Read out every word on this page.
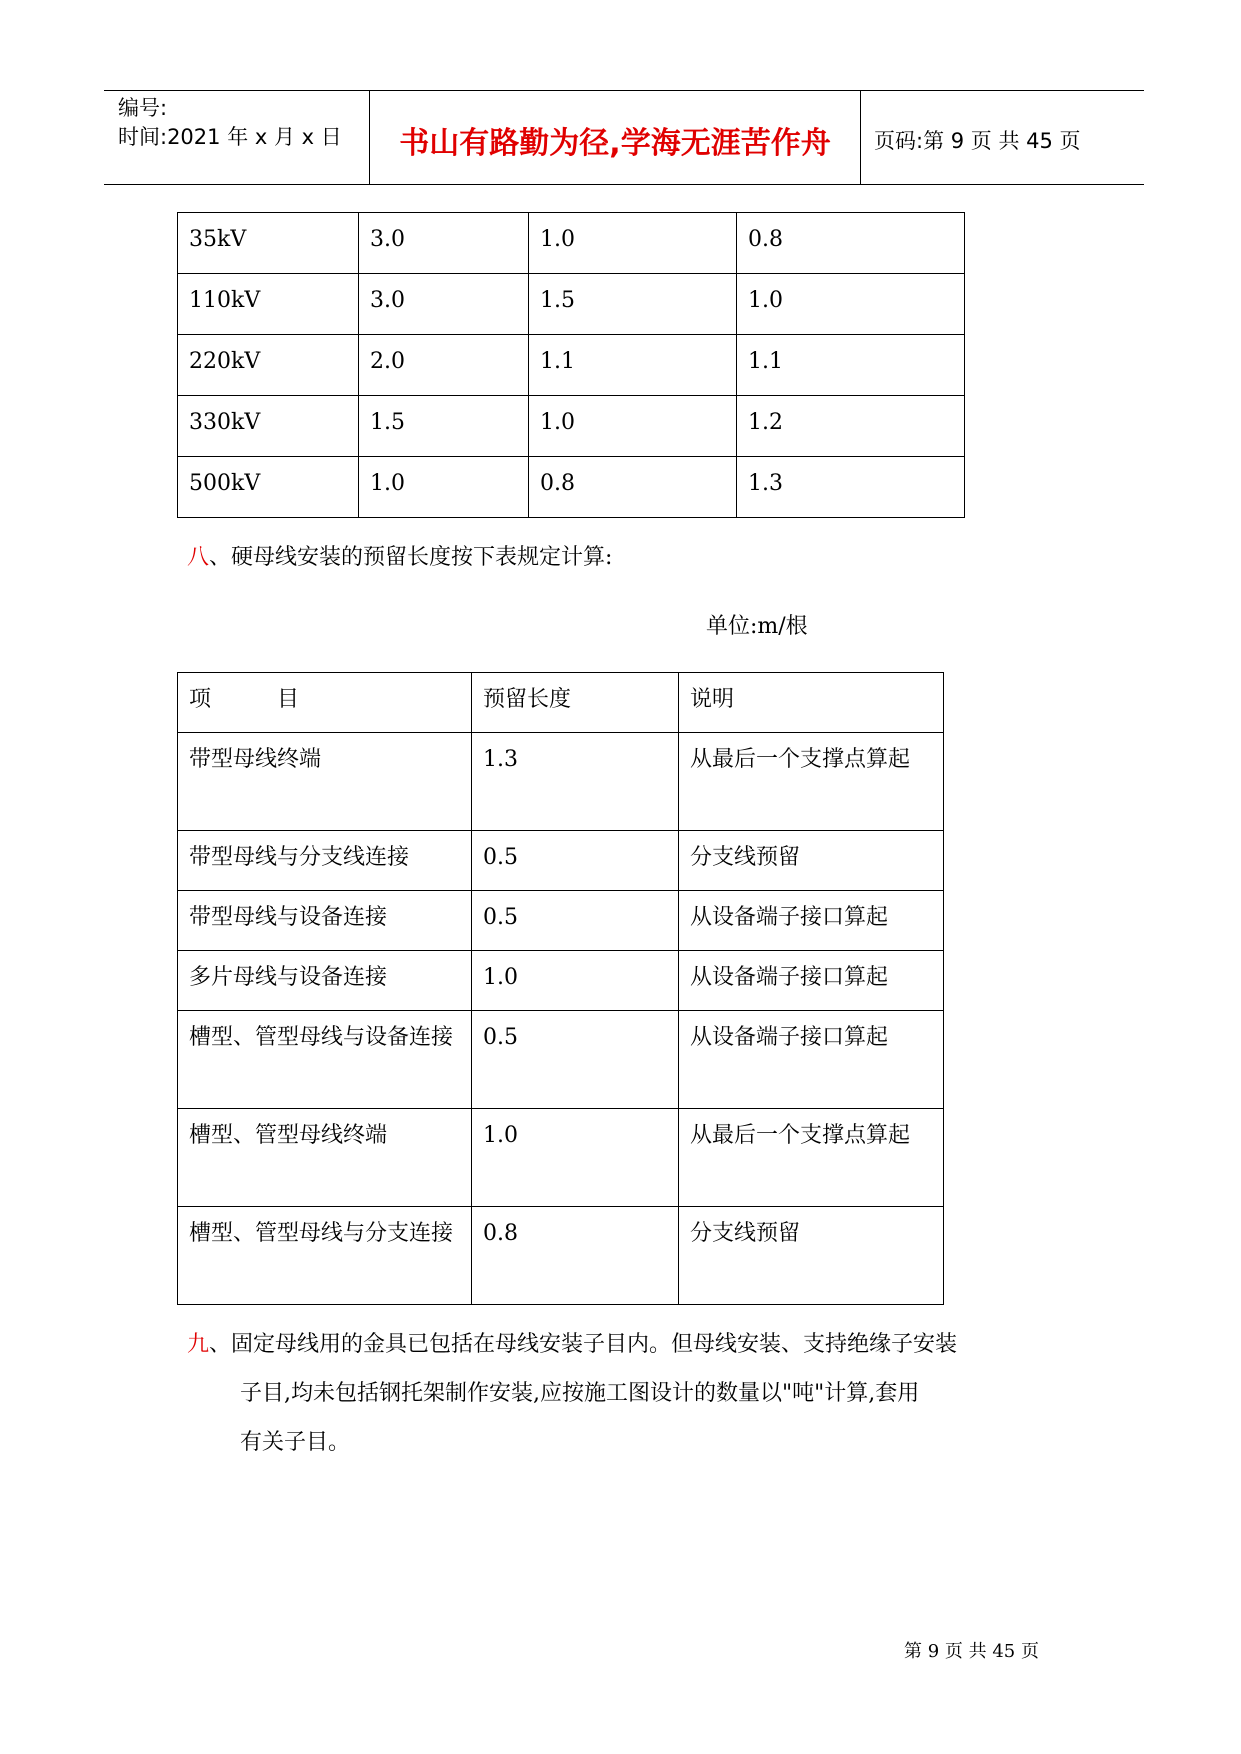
编号:
时间:2021 年 x 月 x 日	书山有路勤为径,学海无涯苦作舟	页码:第 9 页 共 45 页
35kV	3.0	1.0	0.8
110kV	3.0	1.5	1.0
220kV	2.0	1.1	1.1
330kV	1.5	1.0	1.2
500kV	1.0	0.8	1.3
八、硬母线安装的预留长度按下表规定计算:
单位:m/根
项　　　目	预留长度	说明
带型母线终端	1.3	从最后一个支撑点算起
带型母线与分支线连接	0.5	分支线预留
带型母线与设备连接	0.5	从设备端子接口算起
多片母线与设备连接	1.0	从设备端子接口算起
槽型、管型母线与设备连接	0.5	从设备端子接口算起
槽型、管型母线终端	1.0	从最后一个支撑点算起
槽型、管型母线与分支连接	0.8	分支线预留
九、固定母线用的金具已包括在母线安装子目内。但母线安装、支持绝缘子安装
子目,均未包括钢托架制作安装,应按施工图设计的数量以"吨"计算,套用
有关子目。
第 9 页 共 45 页
